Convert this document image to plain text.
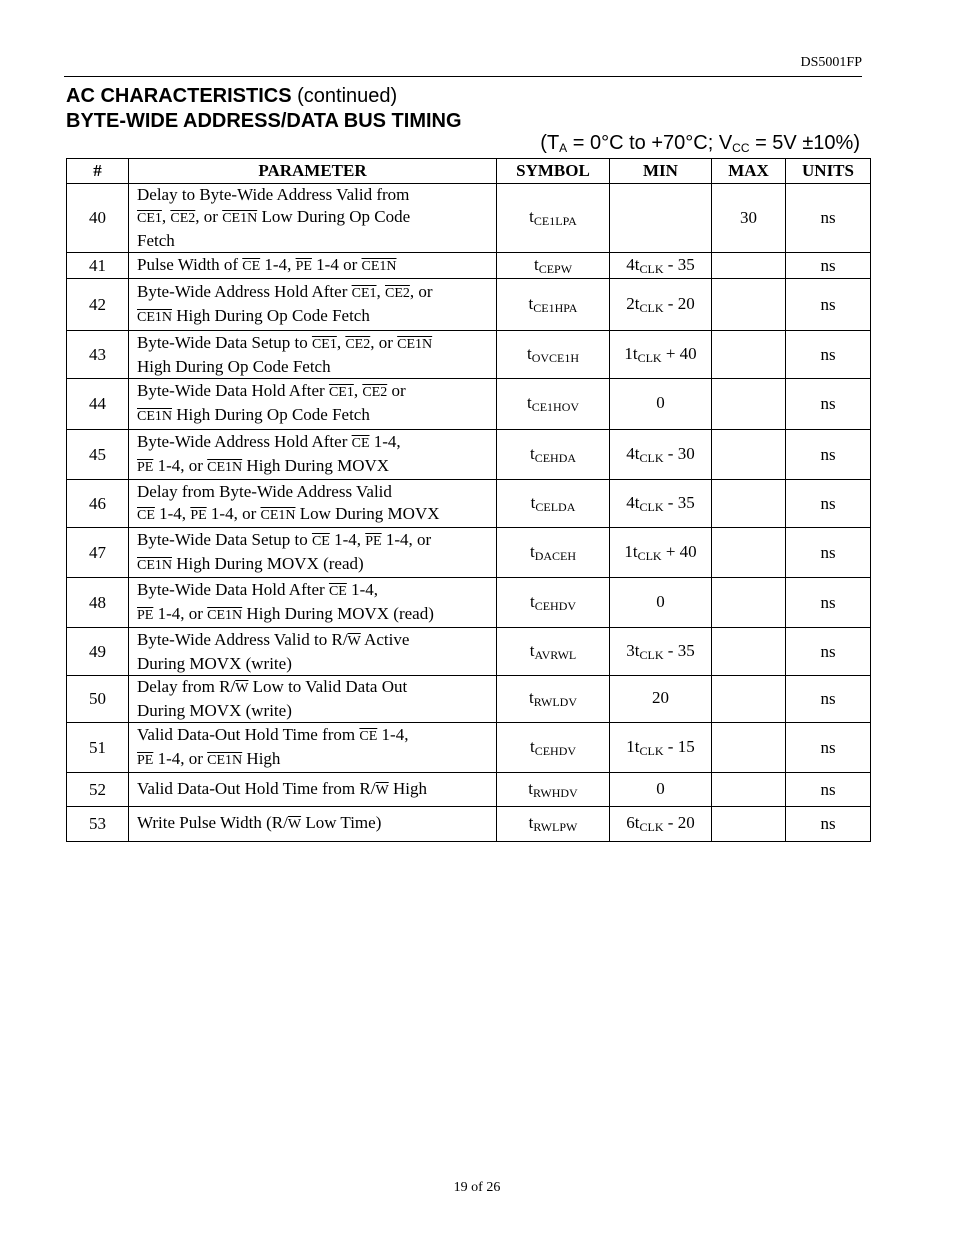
DS5001FP
AC CHARACTERISTICS (continued)
BYTE-WIDE ADDRESS/DATA BUS TIMING
($T_A = 0^\circ C$ to +70°C; $V_{CC} = 5V \pm 10\%$)
#	PARAMETER	SYMBOL	MIN	MAX	UNITS
40	Delay to Byte-Wide Address Valid from
CE1, CE2, or CE1N Low During Op Code
Fetch	$t_{CE1LPA}$		30	ns
41	Pulse Width of $\overline{CE}$ 1-4, $\overline{PE}$ 1-4 or CE1N	$t_{CEPW}$	$4t_{CLK} - 35$		ns
42	Byte-Wide Address Hold After CE1, CE2, or
CE1N High During Op Code Fetch	$t_{CE1HPA}$	$2t_{CLK} - 20$		ns
43	Byte-Wide Data Setup to CE1, CE2, or CE1N
High During Op Code Fetch	$t_{OVCE1H}$	$1t_{CLK} + 40$		ns
44	Byte-Wide Data Hold After CE1, CE2 or
CE1N High During Op Code Fetch	$t_{CE1HOV}$	0		ns
45	Byte-Wide Address Hold After $\overline{CE}$ 1-4,
$\overline{PE}$ 1-4, or CE1N High During MOVX	$t_{CEHDA}$	$4t_{CLK} - 30$		ns
46	Delay from Byte-Wide Address Valid
$\overline{CE}$ 1-4, $\overline{PE}$ 1-4, or CE1N Low During MOVX	$t_{CELDA}$	$4t_{CLK} - 35$		ns
47	Byte-Wide Data Setup to $\overline{CE}$ 1-4, $\overline{PE}$ 1-4, or
CE1N High During MOVX (read)	$t_{DACEH}$	$1t_{CLK} + 40$		ns
48	Byte-Wide Data Hold After $\overline{CE}$ 1-4,
$\overline{PE}$ 1-4, or CE1N High During MOVX (read)	$t_{CEHDV}$	0		ns
49	Byte-Wide Address Valid to $R/\overline{W}$ Active
During MOVX (write)	$t_{AVRWL}$	$3t_{CLK} - 35$		ns
50	Delay from $R/\overline{W}$ Low to Valid Data Out
During MOVX (write)	$t_{RWLDV}$	20		ns
51	Valid Data-Out Hold Time from $\overline{CE}$ 1-4,
$\overline{PE}$ 1-4, or CE1N High	$t_{CEHDV}$	$1t_{CLK} - 15$		ns
52	Valid Data-Out Hold Time from $R/\overline{W}$ High	$t_{RWHDV}$	0		ns
53	Write Pulse Width ($R/\overline{W}$ Low Time)	$t_{RWLPW}$	$6t_{CLK} - 20$		ns
19 of 26
